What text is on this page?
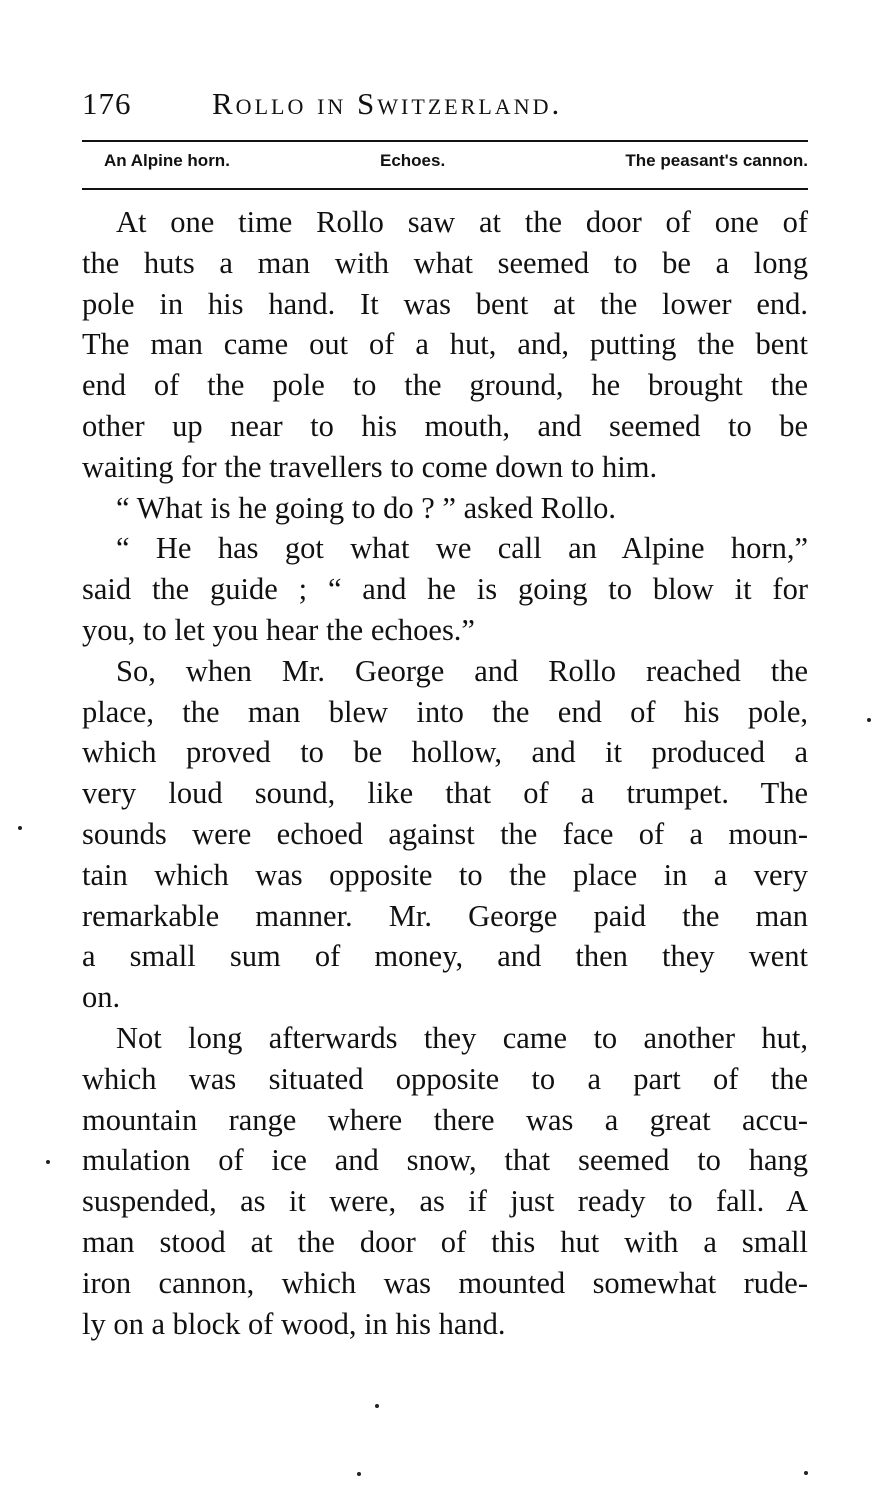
176	Rollo in Switzerland.
An Alpine horn.	Echoes.	The peasant's cannon.
At one time Rollo saw at the door of one of
the huts a man with what seemed to be a long
pole in his hand. It was bent at the lower end.
The man came out of a hut, and, putting the bent
end of the pole to the ground, he brought the
other up near to his mouth, and seemed to be
waiting for the travellers to come down to him.
“ What is he going to do ? ” asked Rollo.
“ He has got what we call an Alpine horn,”
said the guide ; “ and he is going to blow it for
you, to let you hear the echoes.”
So, when Mr. George and Rollo reached the
place, the man blew into the end of his pole,
which proved to be hollow, and it produced a
very loud sound, like that of a trumpet. The
sounds were echoed against the face of a moun-
tain which was opposite to the place in a very
remarkable manner. Mr. George paid the man
a small sum of money, and then they went
on.
Not long afterwards they came to another hut,
which was situated opposite to a part of the
mountain range where there was a great accu-
mulation of ice and snow, that seemed to hang
suspended, as it were, as if just ready to fall. A
man stood at the door of this hut with a small
iron cannon, which was mounted somewhat rude-
ly on a block of wood, in his hand.
